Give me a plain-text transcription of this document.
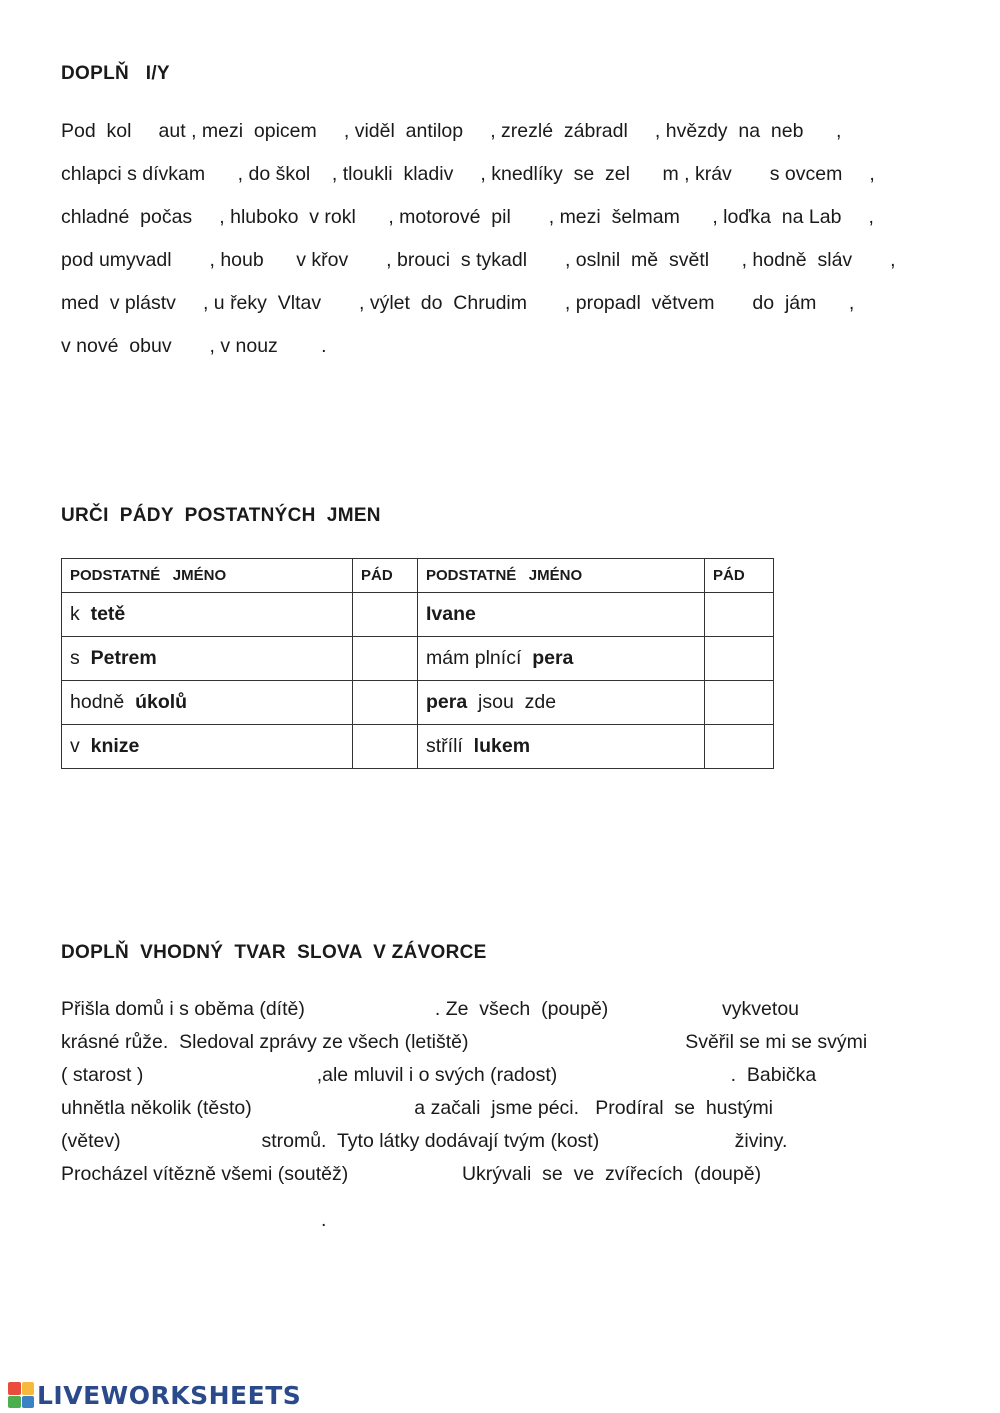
DOPLŇ   I/Y
Pod  kol     aut , mezi  opicem     , viděl  antilop     , zrezlé  zábradl     , hvězdy  na  neb      ,
chlapci s dívkam      , do škol    , tloukli  kladiv     , knedlíky  se  zel      m , kráv       s ovcem     ,
chladné  počas     , hluboko  v rokl      , motorové  pil       , mezi  šelmam      , loďka  na Lab     ,
pod umyvadl       , houb      v křov       , brouci  s tykadl       , oslnil  mě  světl      , hodně  sláv       ,
med  v plástv     , u řeky  Vltav       , výlet  do  Chrudim       , propadl  větvem       do  jám      ,
v nové  obuv       , v nouz        .
URČI  PÁDY  POSTATNÝCH  JMEN
PODSTATNÉ   JMÉNO	PÁD	PODSTATNÉ   JMÉNO	PÁD
k  tetě		Ivane	
s  Petrem		mám plnící  pera	
hodně  úkolů		pera  jsou  zde	
v  knize		střílí  lukem	
DOPLŇ  VHODNÝ  TVAR  SLOVA  V ZÁVORCE
Přišla domů i s oběma (dítě)                        . Ze  všech  (poupě)                     vykvetou
krásné růže.  Sledoval zprávy ze všech (letiště)                                        Svěřil se mi se svými
( starost )                                ,ale mluvil i o svých (radost)                                .  Babička
uhnětla několik (těsto)                              a začali  jsme péci.   Prodíral  se  hustými
(větev)                          stromů.  Tyto látky dodávají tvým (kost)                         živiny.
Procházel vítězně všemi (soutěž)                     Ukrývali  se  ve  zvířecích  (doupě)
.
LIVEWORKSHEETS
